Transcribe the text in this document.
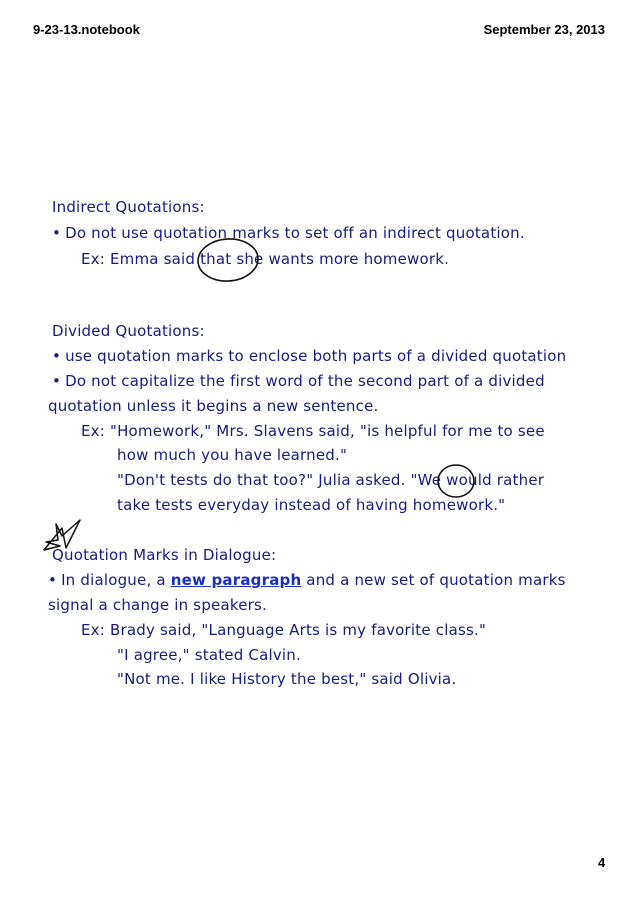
9-23-13.notebook	September 23, 2013
Indirect Quotations:
• Do not use quotation marks to set off an indirect quotation.
Ex: Emma said that she wants more homework.
Divided Quotations:
• use quotation marks to enclose both parts of a divided quotation
• Do not capitalize the first word of the second part of a divided
quotation unless it begins a new sentence.
Ex: "Homework," Mrs. Slavens said, "is helpful for me to see
how much you have learned."
"Don't tests do that too?" Julia asked. "We would rather
take tests everyday instead of having homework."
Quotation Marks in Dialogue:
• In dialogue, a new paragraph and a new set of quotation marks
signal a change in speakers.
Ex: Brady said, "Language Arts is my favorite class."
"I agree," stated Calvin.
"Not me. I like History the best," said Olivia.
4
